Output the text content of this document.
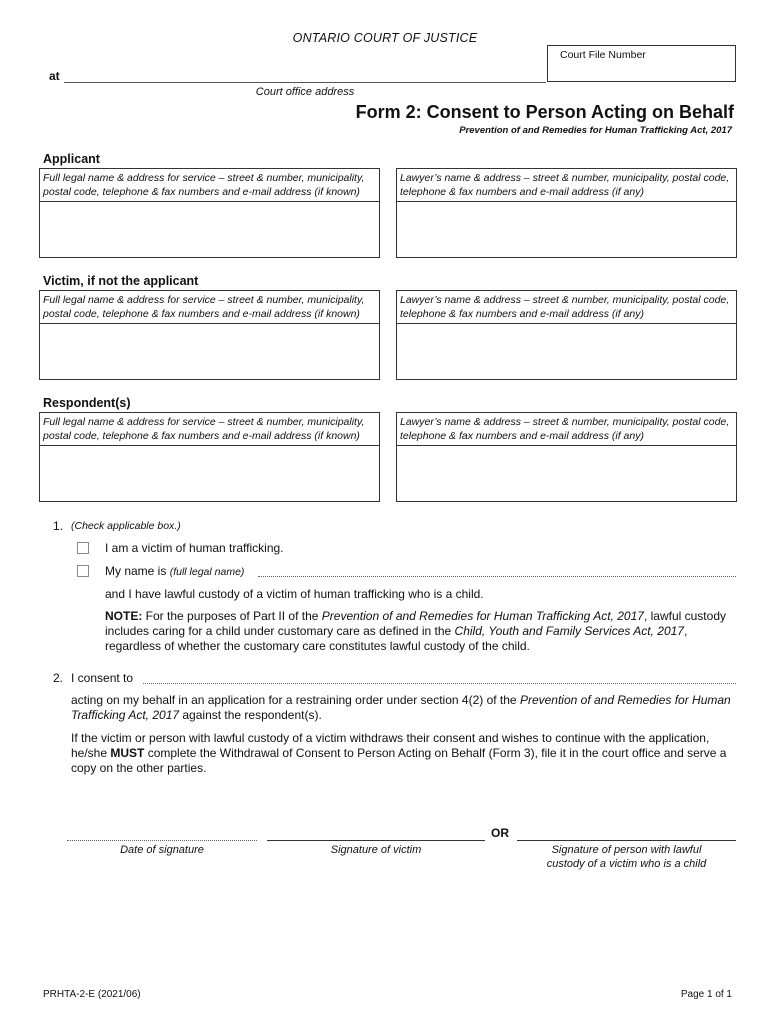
ONTARIO COURT OF JUSTICE
Court File Number
at
Court office address
Form 2: Consent to Person Acting on Behalf
Prevention of and Remedies for Human Trafficking Act, 2017
Applicant
Full legal name & address for service – street & number, municipality, postal code, telephone & fax numbers and e-mail address (if known)
Lawyer’s name & address – street & number, municipality, postal code, telephone & fax numbers and e-mail address (if any)
Victim, if not the applicant
Full legal name & address for service – street & number, municipality, postal code, telephone & fax numbers and e-mail address (if known)
Lawyer’s name & address – street & number, municipality, postal code, telephone & fax numbers and e-mail address (if any)
Respondent(s)
Full legal name & address for service – street & number, municipality, postal code, telephone & fax numbers and e-mail address (if known)
Lawyer’s name & address – street & number, municipality, postal code, telephone & fax numbers and e-mail address (if any)
1. (Check applicable box.)
I am a victim of human trafficking.
My name is (full legal name)
and I have lawful custody of a victim of human trafficking who is a child.
NOTE: For the purposes of Part II of the Prevention of and Remedies for Human Trafficking Act, 2017, lawful custody includes caring for a child under customary care as defined in the Child, Youth and Family Services Act, 2017, regardless of whether the customary care constitutes lawful custody of the child.
2. I consent to
acting on my behalf in an application for a restraining order under section 4(2) of the Prevention of and Remedies for Human Trafficking Act, 2017 against the respondent(s).
If the victim or person with lawful custody of a victim withdraws their consent and wishes to continue with the application, he/she MUST complete the Withdrawal of Consent to Person Acting on Behalf (Form 3), file it in the court office and serve a copy on the other parties.
Date of signature	Signature of victim
OR
Signature of person with lawful
custody of a victim who is a child
PRHTA-2-E (2021/06)	Page 1 of 1
